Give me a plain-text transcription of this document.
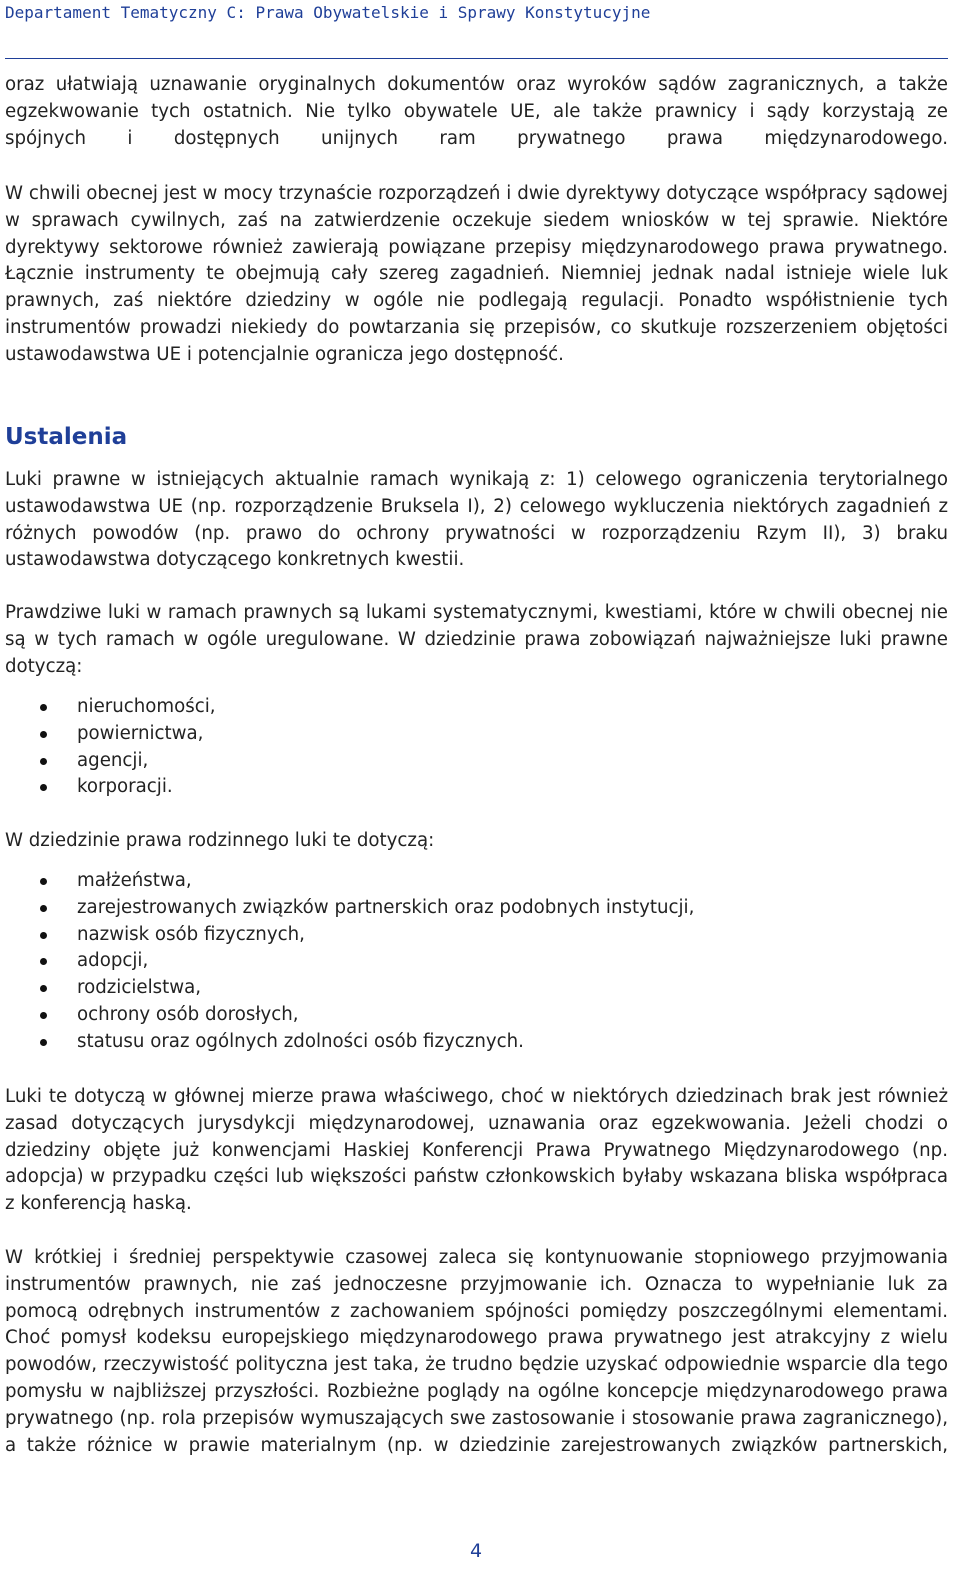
Departament Tematyczny C: Prawa Obywatelskie i Sprawy Konstytucyjne

oraz ułatwiają uznawanie oryginalnych dokumentów oraz wyroków sądów zagranicznych, a także egzekwowanie tych ostatnich. Nie tylko obywatele UE, ale także prawnicy i sądy korzystają ze spójnych i dostępnych unijnych ram prywatnego prawa międzynarodowego.

W chwili obecnej jest w mocy trzynaście rozporządzeń i dwie dyrektywy dotyczące współpracy sądowej w sprawach cywilnych, zaś na zatwierdzenie oczekuje siedem wniosków w tej sprawie. Niektóre dyrektywy sektorowe również zawierają powiązane przepisy międzynarodowego prawa prywatnego. Łącznie instrumenty te obejmują cały szereg zagadnień. Niemniej jednak nadal istnieje wiele luk prawnych, zaś niektóre dziedziny w ogóle nie podlegają regulacji. Ponadto współistnienie tych instrumentów prowadzi niekiedy do powtarzania się przepisów, co skutkuje rozszerzeniem objętości ustawodawstwa UE i potencjalnie ogranicza jego dostępność.

Ustalenia

Luki prawne w istniejących aktualnie ramach wynikają z: 1) celowego ograniczenia terytorialnego ustawodawstwa UE (np. rozporządzenie Bruksela I), 2) celowego wykluczenia niektórych zagadnień z różnych powodów (np. prawo do ochrony prywatności w rozporządzeniu Rzym II), 3) braku ustawodawstwa dotyczącego konkretnych kwestii.

Prawdziwe luki w ramach prawnych są lukami systematycznymi, kwestiami, które w chwili obecnej nie są w tych ramach w ogóle uregulowane. W dziedzinie prawa zobowiązań najważniejsze luki prawne dotyczą:

nieruchomości,
powiernictwa,
agencji,
korporacji.

W dziedzinie prawa rodzinnego luki te dotyczą:

małżeństwa,
zarejestrowanych związków partnerskich oraz podobnych instytucji,
nazwisk osób fizycznych,
adopcji,
rodzicielstwa,
ochrony osób dorosłych,
statusu oraz ogólnych zdolności osób fizycznych.

Luki te dotyczą w głównej mierze prawa właściwego, choć w niektórych dziedzinach brak jest również zasad dotyczących jurysdykcji międzynarodowej, uznawania oraz egzekwowania. Jeżeli chodzi o dziedziny objęte już konwencjami Haskiej Konferencji Prawa Prywatnego Międzynarodowego (np. adopcja) w przypadku części lub większości państw członkowskich byłaby wskazana bliska współpraca z konferencją haską.

W krótkiej i średniej perspektywie czasowej zaleca się kontynuowanie stopniowego przyjmowania instrumentów prawnych, nie zaś jednoczesne przyjmowanie ich. Oznacza to wypełnianie luk za pomocą odrębnych instrumentów z zachowaniem spójności pomiędzy poszczególnymi elementami. Choć pomysł kodeksu europejskiego międzynarodowego prawa prywatnego jest atrakcyjny z wielu powodów, rzeczywistość polityczna jest taka, że trudno będzie uzyskać odpowiednie wsparcie dla tego pomysłu w najbliższej przyszłości. Rozbieżne poglądy na ogólne koncepcje międzynarodowego prawa prywatnego (np. rola przepisów wymuszających swe zastosowanie i stosowanie prawa zagranicznego), a także różnice w prawie materialnym (np. w dziedzinie zarejestrowanych związków partnerskich,

4
